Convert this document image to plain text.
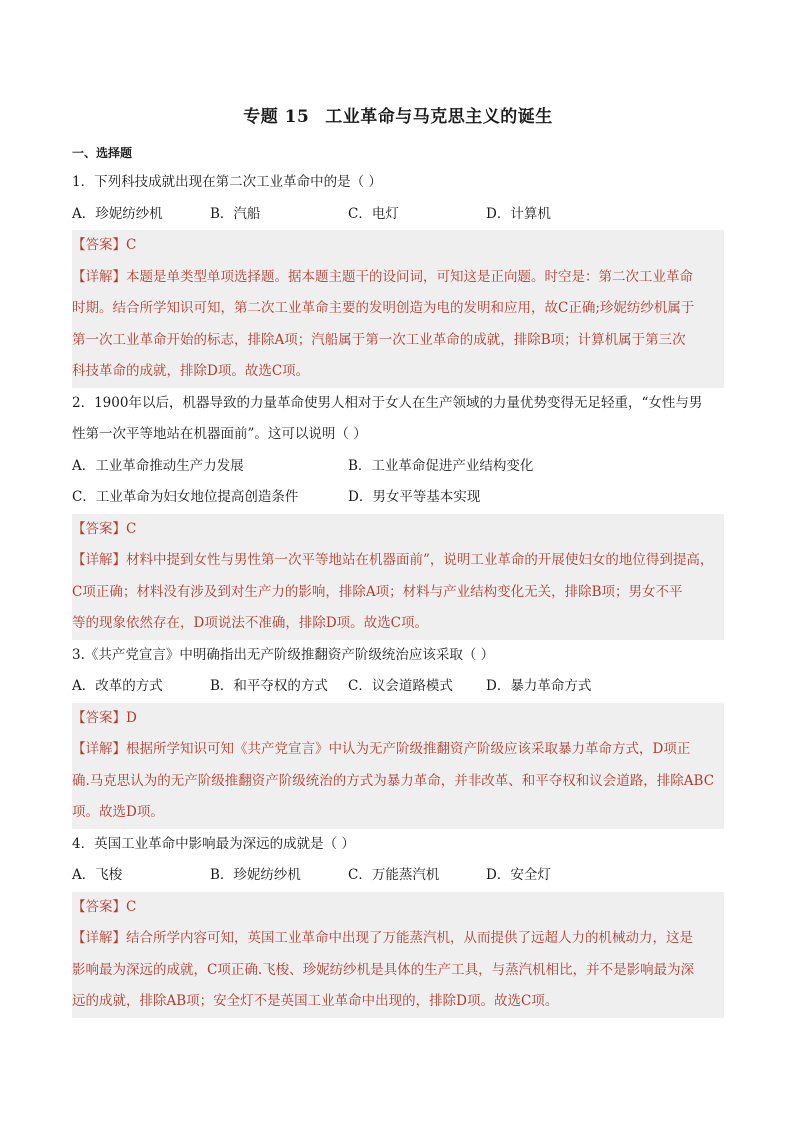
专题 15 工业革命与马克思主义的诞生
一、选择题
1．下列科技成就出现在第二次工业革命中的是（ ）
A．珍妮纺纱机	B．汽船	C．电灯	D．计算机
【答案】C
【详解】本题是单类型单项选择题。据本题主题干的设问词，可知这是正向题。时空是：第二次工业革命
时期。结合所学知识可知，第二次工业革命主要的发明创造为电的发明和应用，故C正确;珍妮纺纱机属于
第一次工业革命开始的标志，排除A项；汽船属于第一次工业革命的成就，排除B项；计算机属于第三次
科技革命的成就，排除D项。故选C项。
2．1900年以后，机器导致的力量革命使男人相对于女人在生产领域的力量优势变得无足轻重，“女性与男
性第一次平等地站在机器面前”。这可以说明（ ）
A．工业革命推动生产力发展	B．工业革命促进产业结构变化
C．工业革命为妇女地位提高创造条件	D．男女平等基本实现
【答案】C
【详解】材料中提到女性与男性第一次平等地站在机器面前”，说明工业革命的开展使妇女的地位得到提高，
C项正确；材料没有涉及到对生产力的影响，排除A项；材料与产业结构变化无关，排除B项；男女不平
等的现象依然存在，D项说法不准确，排除D项。故选C项。
3.《共产党宣言》中明确指出无产阶级推翻资产阶级统治应该采取（ ）
A．改革的方式	B．和平夺权的方式	C．议会道路模式	D．暴力革命方式
【答案】D
【详解】根据所学知识可知《共产党宣言》中认为无产阶级推翻资产阶级应该采取暴力革命方式，D项正
确.马克思认为的无产阶级推翻资产阶级统治的方式为暴力革命，并非改革、和平夺权和议会道路，排除ABC
项。故选D项。
4．英国工业革命中影响最为深远的成就是（ ）
A．飞梭	B．珍妮纺纱机	C．万能蒸汽机	D．安全灯
【答案】C
【详解】结合所学内容可知，英国工业革命中出现了万能蒸汽机，从而提供了远超人力的机械动力，这是
影响最为深远的成就，C项正确.飞梭、珍妮纺纱机是具体的生产工具，与蒸汽机相比，并不是影响最为深
远的成就，排除AB项；安全灯不是英国工业革命中出现的，排除D项。故选C项。
